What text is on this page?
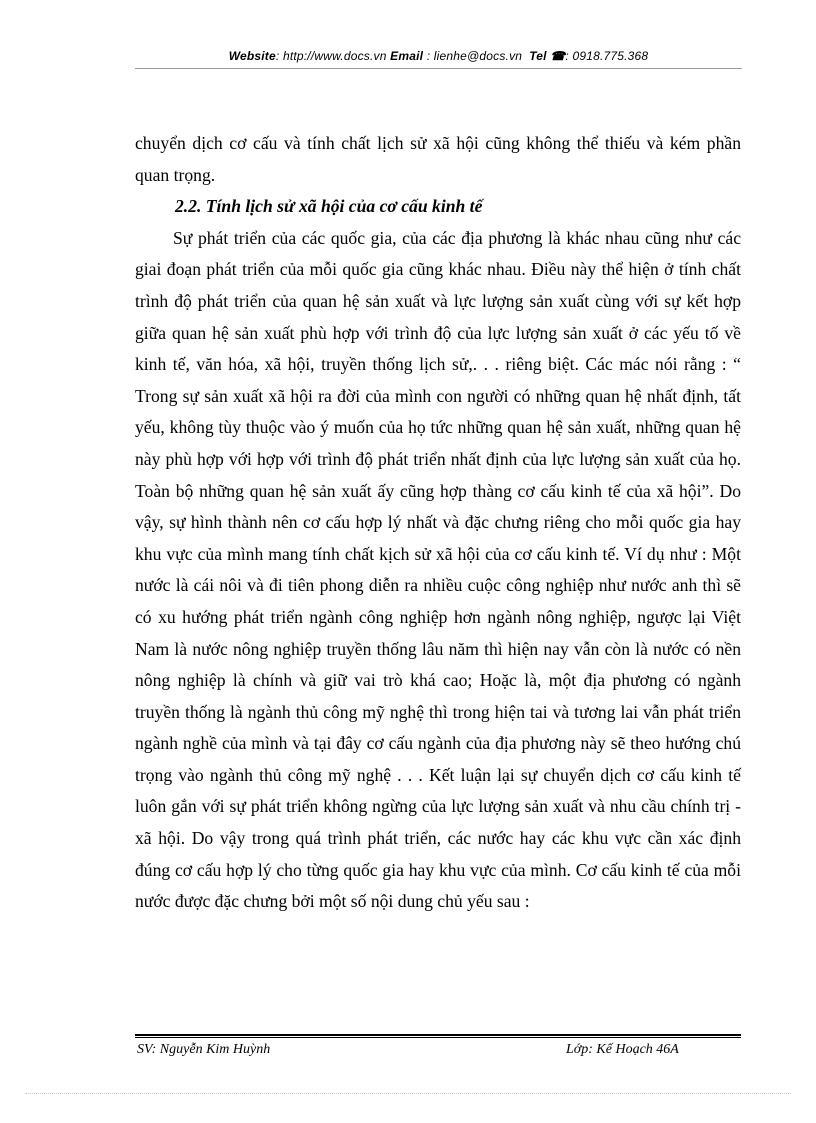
Website: http://www.docs.vn Email : lienhe@docs.vn Tel ☎: 0918.775.368

chuyển dịch cơ cấu và tính chất lịch sử xã hội cũng không thể thiếu và kém phần quan trọng.

2.2. Tính lịch sử xã hội của cơ cấu kinh tế

Sự phát triển của các quốc gia, của các địa phương là khác nhau cũng như các giai đoạn phát triển của mỗi quốc gia cũng khác nhau. Điều này thể hiện ở tính chất trình độ phát triển của quan hệ sản xuất và lực lượng sản xuất cùng với sự kết hợp giữa quan hệ sản xuất phù hợp với trình độ của lực lượng sản xuất ở các yếu tố về kinh tế, văn hóa, xã hội, truyền thống lịch sử,. . . riêng biệt. Các mác nói rằng : “ Trong sự sản xuất xã hội ra đời của mình con người có những quan hệ nhất định, tất yếu, không tùy thuộc vào ý muốn của họ tức những quan hệ sản xuất, những quan hệ này phù hợp với hợp với trình độ phát triển nhất định của lực lượng sản xuất của họ. Toàn bộ những quan hệ sản xuất ấy cũng hợp thàng cơ cấu kinh tế của xã hội”. Do vậy, sự hình thành nên cơ cấu hợp lý nhất và đặc chưng riêng cho mỗi quốc gia hay khu vực của mình mang tính chất kịch sử xã hội của cơ cấu kinh tế. Ví dụ như : Một nước là cái nôi và đi tiên phong diễn ra nhiều cuộc công nghiệp như nước anh thì sẽ có xu hướng phát triển ngành công nghiệp hơn ngành nông nghiệp, ngược lại Việt Nam là nước nông nghiệp truyền thống lâu năm thì hiện nay vẫn còn là nước có nền nông nghiệp là chính và giữ vai trò khá cao; Hoặc là, một địa phương có ngành truyền thống là ngành thủ công mỹ nghệ thì trong hiện tai và tương lai vẫn phát triển ngành nghề của mình và tại đây cơ cấu ngành của địa phương này sẽ theo hướng chú trọng vào ngành thủ công mỹ nghệ . . . Kết luận lại sự chuyển dịch cơ cấu kinh tế luôn gắn với sự phát triển không ngừng của lực lượng sản xuất và nhu cầu chính trị - xã hội. Do vậy trong quá trình phát triển, các nước hay các khu vực cần xác định đúng cơ cấu hợp lý cho từng quốc gia hay khu vực của mình. Cơ cấu kinh tế của mỗi nước được đặc chưng bởi một số nội dung chủ yếu sau :

SV: Nguyễn Kim Huỳnh	Lớp: Kế Hoạch 46A
